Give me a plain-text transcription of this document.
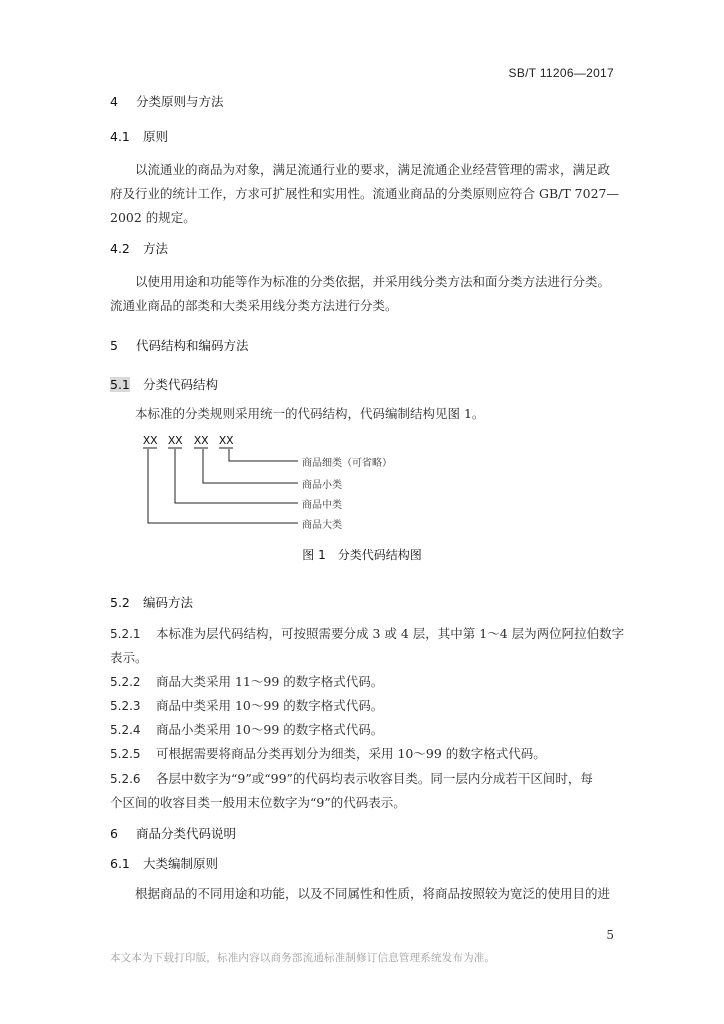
SB/T 11206—2017
4 分类原则与方法
4.1 原则
以流通业的商品为对象，满足流通行业的要求，满足流通企业经营管理的需求，满足政
府及行业的统计工作，方求可扩展性和实用性。流通业商品的分类原则应符合 GB/T 7027—
2002 的规定。
4.2 方法
以使用用途和功能等作为标准的分类依据，并采用线分类方法和面分类方法进行分类。
流通业商品的部类和大类采用线分类方法进行分类。
5 代码结构和编码方法
5.1 分类代码结构
本标准的分类规则采用统一的代码结构，代码编制结构见图 1。
XX XX XX XX
商品细类（可省略）
商品小类
商品中类
商品大类
图 1 分类代码结构图
5.2 编码方法
5.2.1 本标准为层代码结构，可按照需要分成 3 或 4 层，其中第 1～4 层为两位阿拉伯数字
表示。
5.2.2 商品大类采用 11～99 的数字格式代码。
5.2.3 商品中类采用 10～99 的数字格式代码。
5.2.4 商品小类采用 10～99 的数字格式代码。
5.2.5 可根据需要将商品分类再划分为细类，采用 10～99 的数字格式代码。
5.2.6 各层中数字为“9”或“99”的代码均表示收容目类。同一层内分成若干区间时，每
个区间的收容目类一般用末位数字为“9”的代码表示。
6 商品分类代码说明
6.1 大类编制原则
根据商品的不同用途和功能，以及不同属性和性质，将商品按照较为宽泛的使用目的进
5
本文本为下载打印版，标准内容以商务部流通标准制修订信息管理系统发布为准。
